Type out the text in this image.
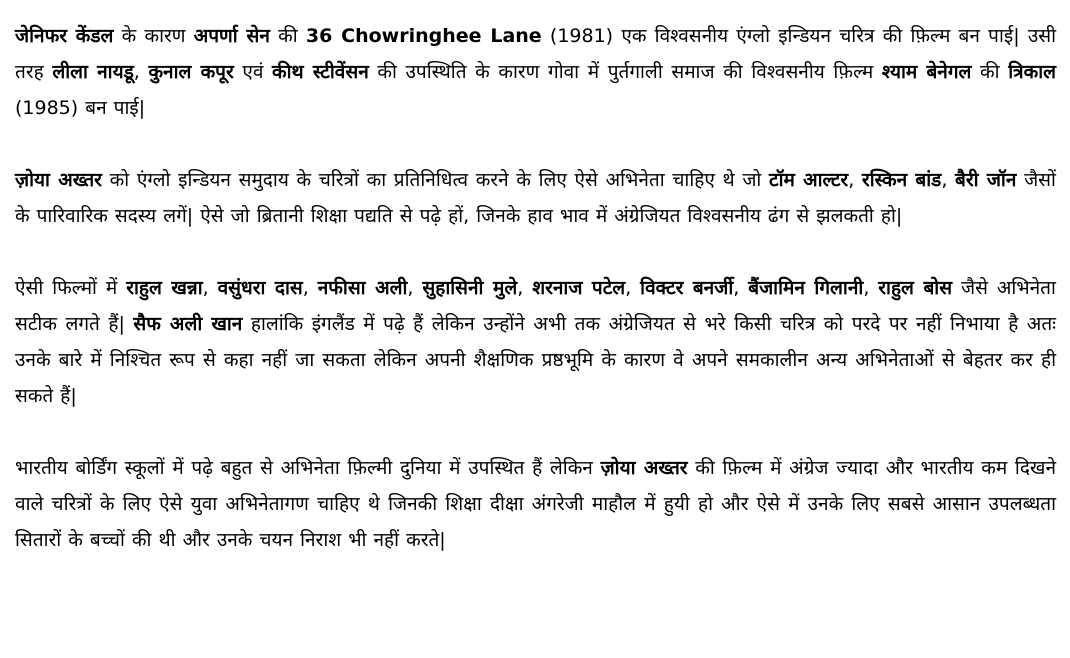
जेनिफर केंडल के कारण अपर्णा सेन की 36 Chowringhee Lane (1981) एक विश्वसनीय एंग्लो इन्डियन चरित्र की फ़िल्म बन पाई| उसी तरह लीला नायडू, कुनाल कपूर एवं कीथ स्टीवेंसन की उपस्थिति के कारण गोवा में पुर्तगाली समाज की विश्वसनीय फ़िल्म श्याम बेनेगल की त्रिकाल (1985) बन पाई|

ज़ोया अख्तर को एंग्लो इन्डियन समुदाय के चरित्रों का प्रतिनिधित्व करने के लिए ऐसे अभिनेता चाहिए थे जो टॉम आल्टर, रस्किन बांड, बैरी जॉन जैसों के पारिवारिक सदस्य लगें| ऐसे जो ब्रितानी शिक्षा पद्यति से पढ़े हों, जिनके हाव भाव में अंग्रेजियत विश्वसनीय ढंग से झलकती हो|

ऐसी फिल्मों में राहुल खन्ना, वसुंधरा दास, नफीसा अली, सुहासिनी मुले, शरनाज पटेल, विक्टर बनर्जी, बैंजामिन गिलानी, राहुल बोस जैसे अभिनेता सटीक लगते हैं| सैफ अली खान हालांकि इंगलैंड में पढ़े हैं लेकिन उन्होंने अभी तक अंग्रेजियत से भरे किसी चरित्र को परदे पर नहीं निभाया है अतः उनके बारे में निश्चित रूप से कहा नहीं जा सकता लेकिन अपनी शैक्षणिक प्रष्ठभूमि के कारण वे अपने समकालीन अन्य अभिनेताओं से बेहतर कर ही सकते हैं|

भारतीय बोर्डिंग स्कूलों में पढ़े बहुत से अभिनेता फ़िल्मी दुनिया में उपस्थित हैं लेकिन ज़ोया अख्तर की फ़िल्म में अंग्रेज ज्यादा और भारतीय कम दिखने वाले चरित्रों के लिए ऐसे युवा अभिनेतागण चाहिए थे जिनकी शिक्षा दीक्षा अंगरेजी माहौल में हुयी हो और ऐसे में उनके लिए सबसे आसान उपलब्धता सितारों के बच्चों की थी और उनके चयन निराश भी नहीं करते|
